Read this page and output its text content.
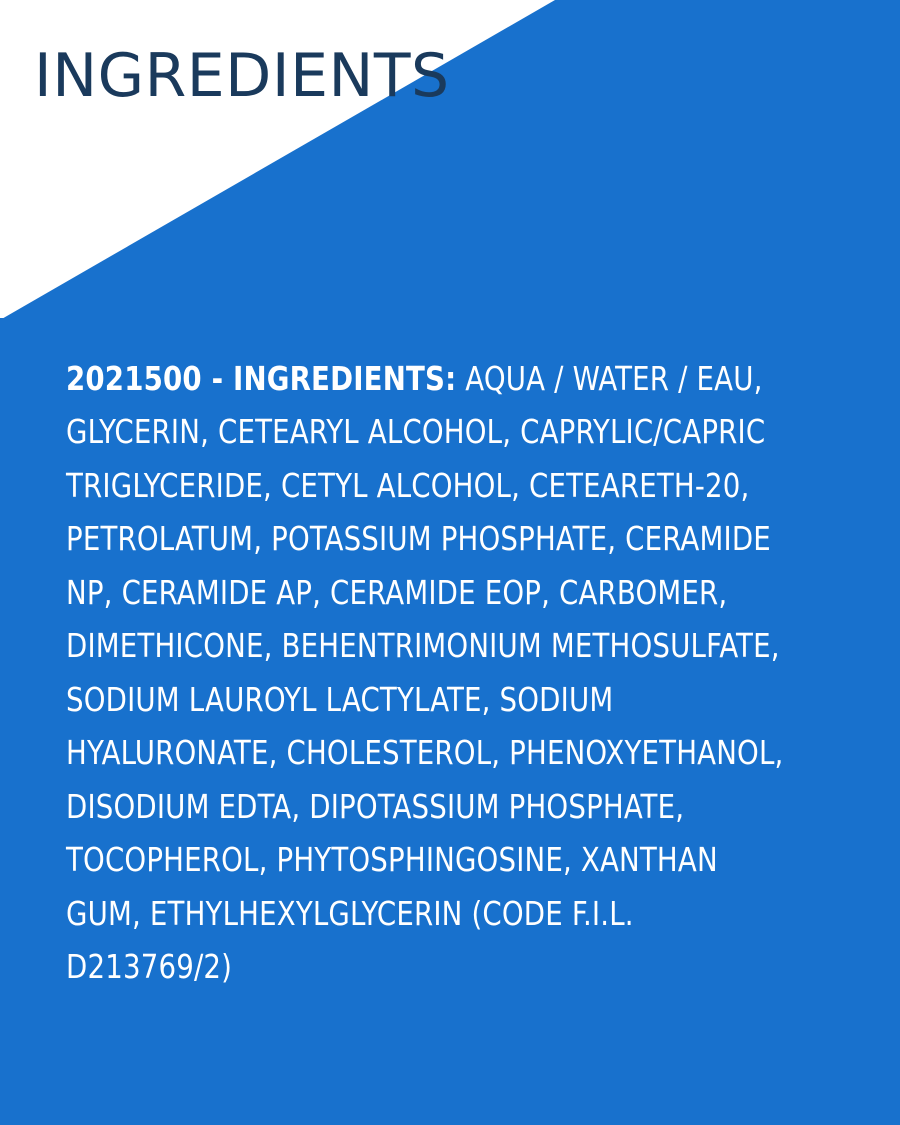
INGREDIENTS
2021500 - INGREDIENTS: AQUA / WATER / EAU, GLYCERIN, CETEARYL ALCOHOL, CAPRYLIC/CAPRIC TRIGLYCERIDE, CETYL ALCOHOL, CETEARETH-20, PETROLATUM, POTASSIUM PHOSPHATE, CERAMIDE NP, CERAMIDE AP, CERAMIDE EOP, CARBOMER, DIMETHICONE, BEHENTRIMONIUM METHOSULFATE, SODIUM LAUROYL LACTYLATE, SODIUM HYALURONATE, CHOLESTEROL, PHENOXYETHANOL, DISODIUM EDTA, DIPOTASSIUM PHOSPHATE, TOCOPHEROL, PHYTOSPHINGOSINE, XANTHAN GUM, ETHYLHEXYLGLYCERIN (CODE F.I.L. D213769/2)
